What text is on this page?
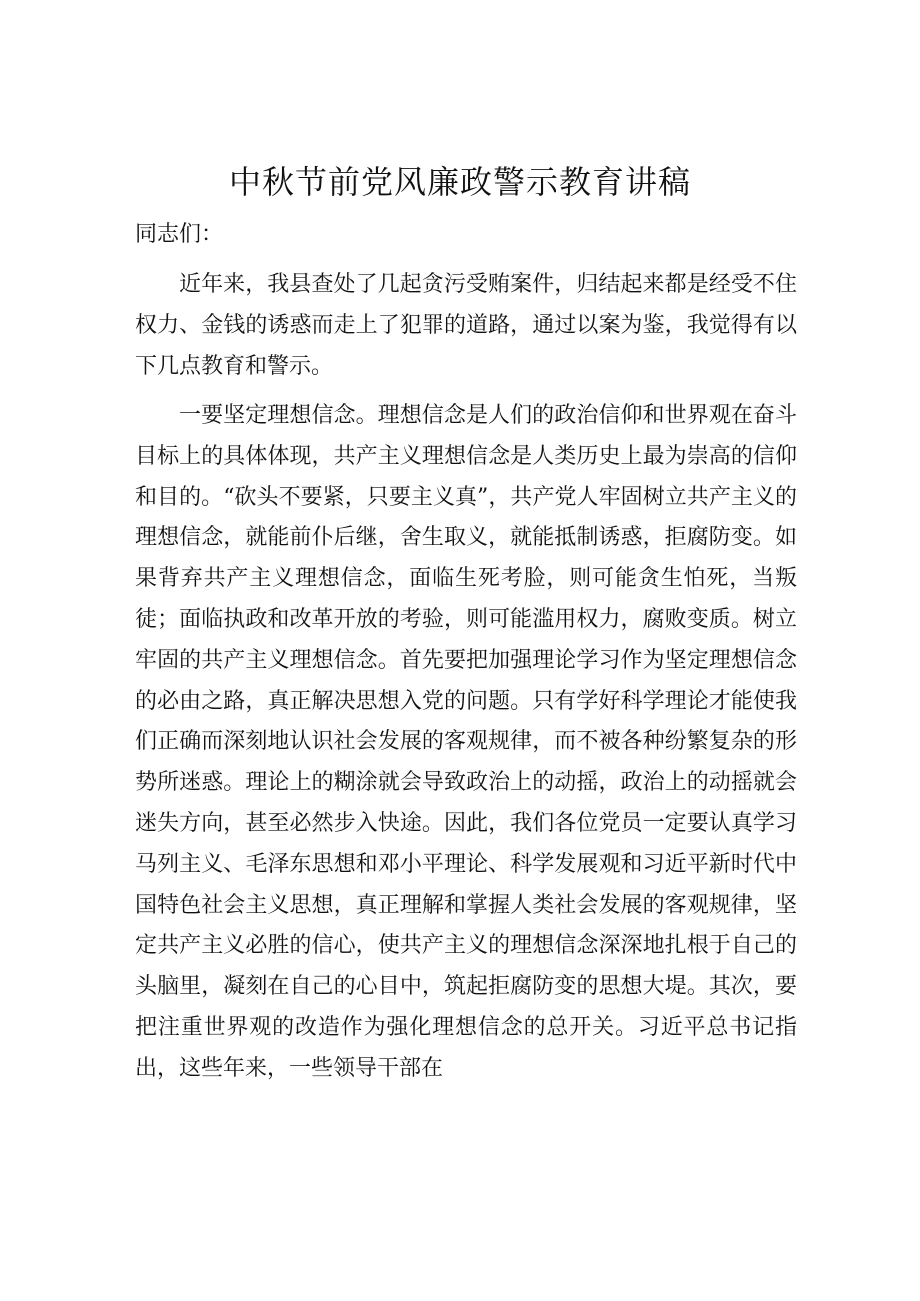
中秋节前党风廉政警示教育讲稿

同志们：

近年来，我县查处了几起贪污受贿案件，归结起来都是经受不住权力、金钱的诱惑而走上了犯罪的道路，通过以案为鉴，我觉得有以下几点教育和警示。

一要坚定理想信念。理想信念是人们的政治信仰和世界观在奋斗目标上的具体体现，共产主义理想信念是人类历史上最为崇高的信仰和目的。“砍头不要紧，只要主义真”，共产党人牢固树立共产主义的理想信念，就能前仆后继，舍生取义，就能抵制诱惑，拒腐防变。如果背弃共产主义理想信念，面临生死考脸，则可能贪生怕死，当叛徒；面临执政和改革开放的考验，则可能滥用权力，腐败变质。树立牢固的共产主义理想信念。首先要把加强理论学习作为坚定理想信念的必由之路，真正解决思想入党的问题。只有学好科学理论才能使我们正确而深刻地认识社会发展的客观规律，而不被各种纷繁复杂的形势所迷惑。理论上的糊涂就会导致政治上的动摇，政治上的动摇就会迷失方向，甚至必然步入快途。因此，我们各位党员一定要认真学习马列主义、毛泽东思想和邓小平理论、科学发展观和习近平新时代中国特色社会主义思想，真正理解和掌握人类社会发展的客观规律，坚定共产主义必胜的信心，使共产主义的理想信念深深地扎根于自己的头脑里，凝刻在自己的心目中，筑起拒腐防变的思想大堤。其次，要把注重世界观的改造作为强化理想信念的总开关。习近平总书记指出，这些年来，一些领导干部在
